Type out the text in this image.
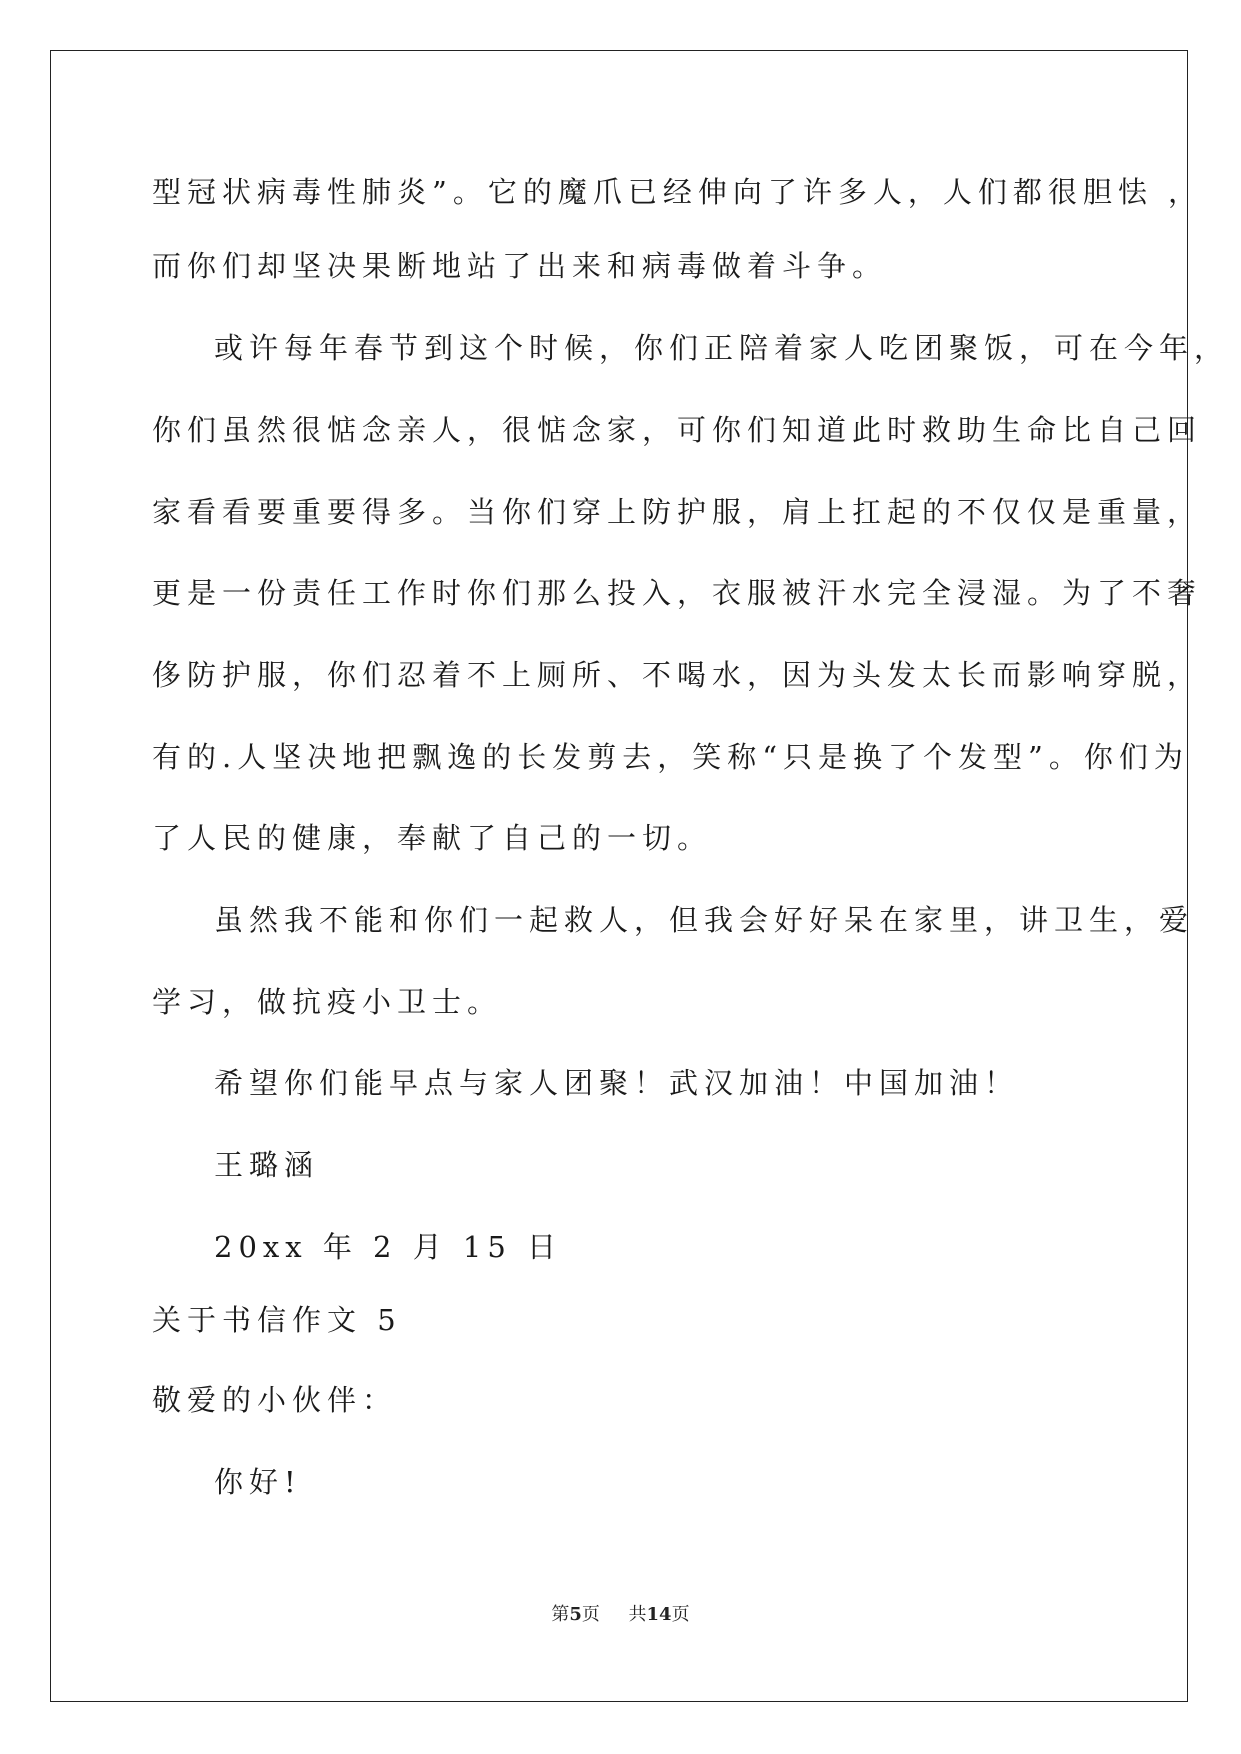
型冠状病毒性肺炎”。它的魔爪已经伸向了许多人，人们都很胆怯 ，
而你们却坚决果断地站了出来和病毒做着斗争。
或许每年春节到这个时候，你们正陪着家人吃团聚饭，可在今年，
你们虽然很惦念亲人，很惦念家，可你们知道此时救助生命比自己回
家看看要重要得多。当你们穿上防护服，肩上扛起的不仅仅是重量，
更是一份责任工作时你们那么投入，衣服被汗水完全浸湿。为了不奢
侈防护服，你们忍着不上厕所、不喝水，因为头发太长而影响穿脱，
有的.人坚决地把飘逸的长发剪去，笑称“只是换了个发型”。你们为
了人民的健康，奉献了自己的一切。
虽然我不能和你们一起救人，但我会好好呆在家里，讲卫生，爱
学习，做抗疫小卫士。
希望你们能早点与家人团聚！武汉加油！中国加油！
王璐涵
20xx 年 2 月 15 日
关于书信作文 5
敬爱的小伙伴：
你好!
第5页 共14页
